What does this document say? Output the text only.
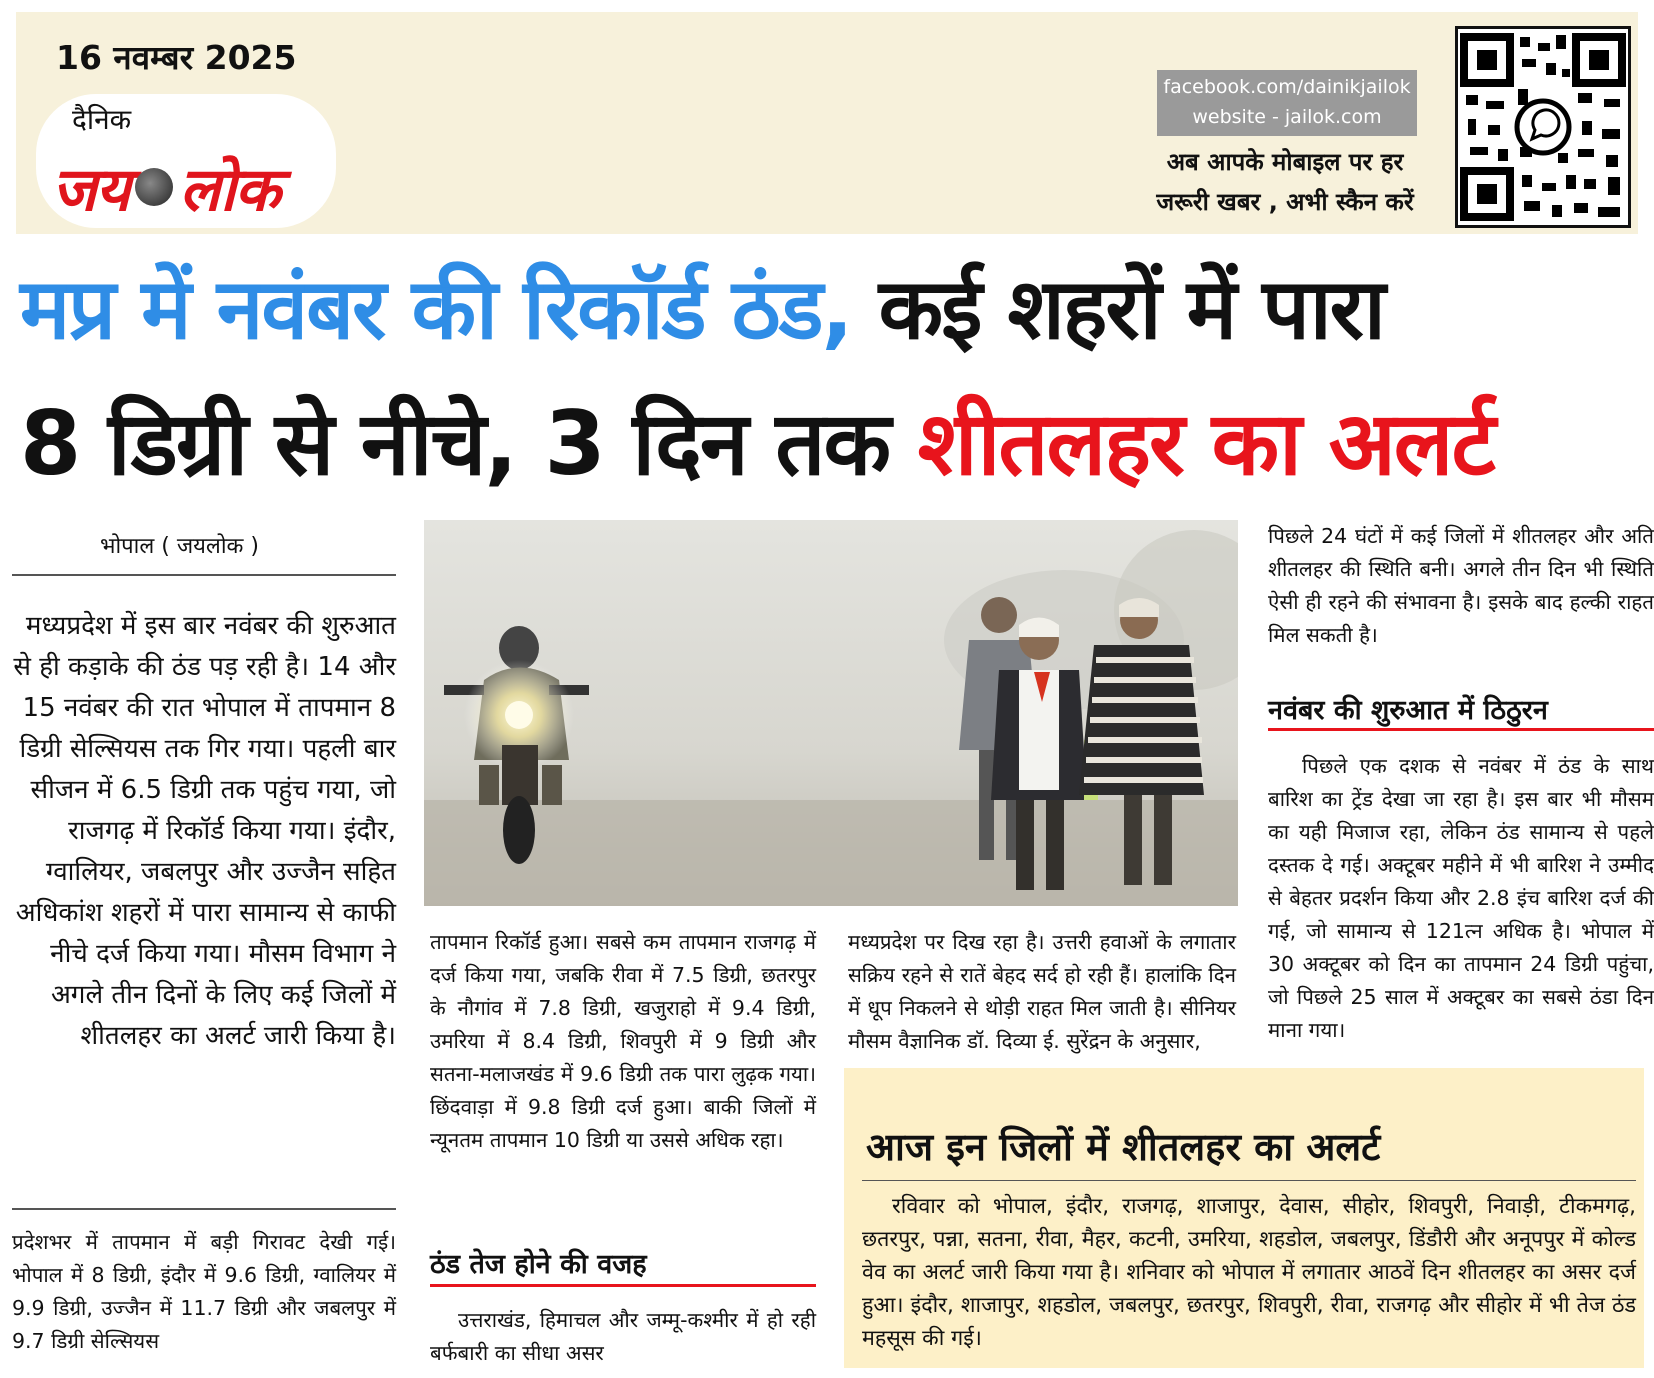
16 नवम्बर 2025
दैनिक
जय लोक
facebook.com/dainikjailok
website - jailok.com
अब आपके मोबाइल पर हर
जरूरी खबर , अभी स्कैन करें
मप्र में नवंबर की रिकॉर्ड ठंड, कई शहरों में पारा
8 डिग्री से नीचे, 3 दिन तक शीतलहर का अलर्ट
भोपाल ( जयलोक )
मध्यप्रदेश में इस बार नवंबर की शुरुआत से ही कड़ाके की ठंड पड़ रही है। 14 और 15 नवंबर की रात भोपाल में तापमान 8 डिग्री सेल्सियस तक गिर गया। पहली बार सीजन में 6.5 डिग्री तक पहुंच गया, जो राजगढ़ में रिकॉर्ड किया गया। इंदौर, ग्वालियर, जबलपुर और उज्जैन सहित अधिकांश शहरों में पारा सामान्य से काफी नीचे दर्ज किया गया। मौसम विभाग ने अगले तीन दिनों के लिए कई जिलों में शीतलहर का अलर्ट जारी किया है।
प्रदेशभर में तापमान में बड़ी गिरावट देखी गई। भोपाल में 8 डिग्री, इंदौर में 9.6 डिग्री, ग्वालियर में 9.9 डिग्री, उज्जैन में 11.7 डिग्री और जबलपुर में 9.7 डिग्री सेल्सियस
तापमान रिकॉर्ड हुआ। सबसे कम तापमान राजगढ़ में दर्ज किया गया, जबकि रीवा में 7.5 डिग्री, छतरपुर के नौगांव में 7.8 डिग्री, खजुराहो में 9.4 डिग्री, उमरिया में 8.4 डिग्री, शिवपुरी में 9 डिग्री और सतना-मलाजखंड में 9.6 डिग्री तक पारा लुढ़क गया। छिंदवाड़ा में 9.8 डिग्री दर्ज हुआ। बाकी जिलों में न्यूनतम तापमान 10 डिग्री या उससे अधिक रहा।
ठंड तेज होने की वजह
उत्तराखंड, हिमाचल और जम्मू-कश्मीर में हो रही बर्फबारी का सीधा असर
मध्यप्रदेश पर दिख रहा है। उत्तरी हवाओं के लगातार सक्रिय रहने से रातें बेहद सर्द हो रही हैं। हालांकि दिन में धूप निकलने से थोड़ी राहत मिल जाती है। सीनियर मौसम वैज्ञानिक डॉ. दिव्या ई. सुरेंद्रन के अनुसार,
पिछले 24 घंटों में कई जिलों में शीतलहर और अति शीतलहर की स्थिति बनी। अगले तीन दिन भी स्थिति ऐसी ही रहने की संभावना है। इसके बाद हल्की राहत मिल सकती है।
नवंबर की शुरुआत में ठिठुरन
पिछले एक दशक से नवंबर में ठंड के साथ बारिश का ट्रेंड देखा जा रहा है। इस बार भी मौसम का यही मिजाज रहा, लेकिन ठंड सामान्य से पहले दस्तक दे गई। अक्टूबर महीने में भी बारिश ने उम्मीद से बेहतर प्रदर्शन किया और 2.8 इंच बारिश दर्ज की गई, जो सामान्य से 121त्न अधिक है। भोपाल में 30 अक्टूबर को दिन का तापमान 24 डिग्री पहुंचा, जो पिछले 25 साल में अक्टूबर का सबसे ठंडा दिन माना गया।
आज इन जिलों में शीतलहर का अलर्ट
रविवार को भोपाल, इंदौर, राजगढ़, शाजापुर, देवास, सीहोर, शिवपुरी, निवाड़ी, टीकमगढ़, छतरपुर, पन्ना, सतना, रीवा, मैहर, कटनी, उमरिया, शहडोल, जबलपुर, डिंडौरी और अनूपपुर में कोल्ड वेव का अलर्ट जारी किया गया है। शनिवार को भोपाल में लगातार आठवें दिन शीतलहर का असर दर्ज हुआ। इंदौर, शाजापुर, शहडोल, जबलपुर, छतरपुर, शिवपुरी, रीवा, राजगढ़ और सीहोर में भी तेज ठंड महसूस की गई।
